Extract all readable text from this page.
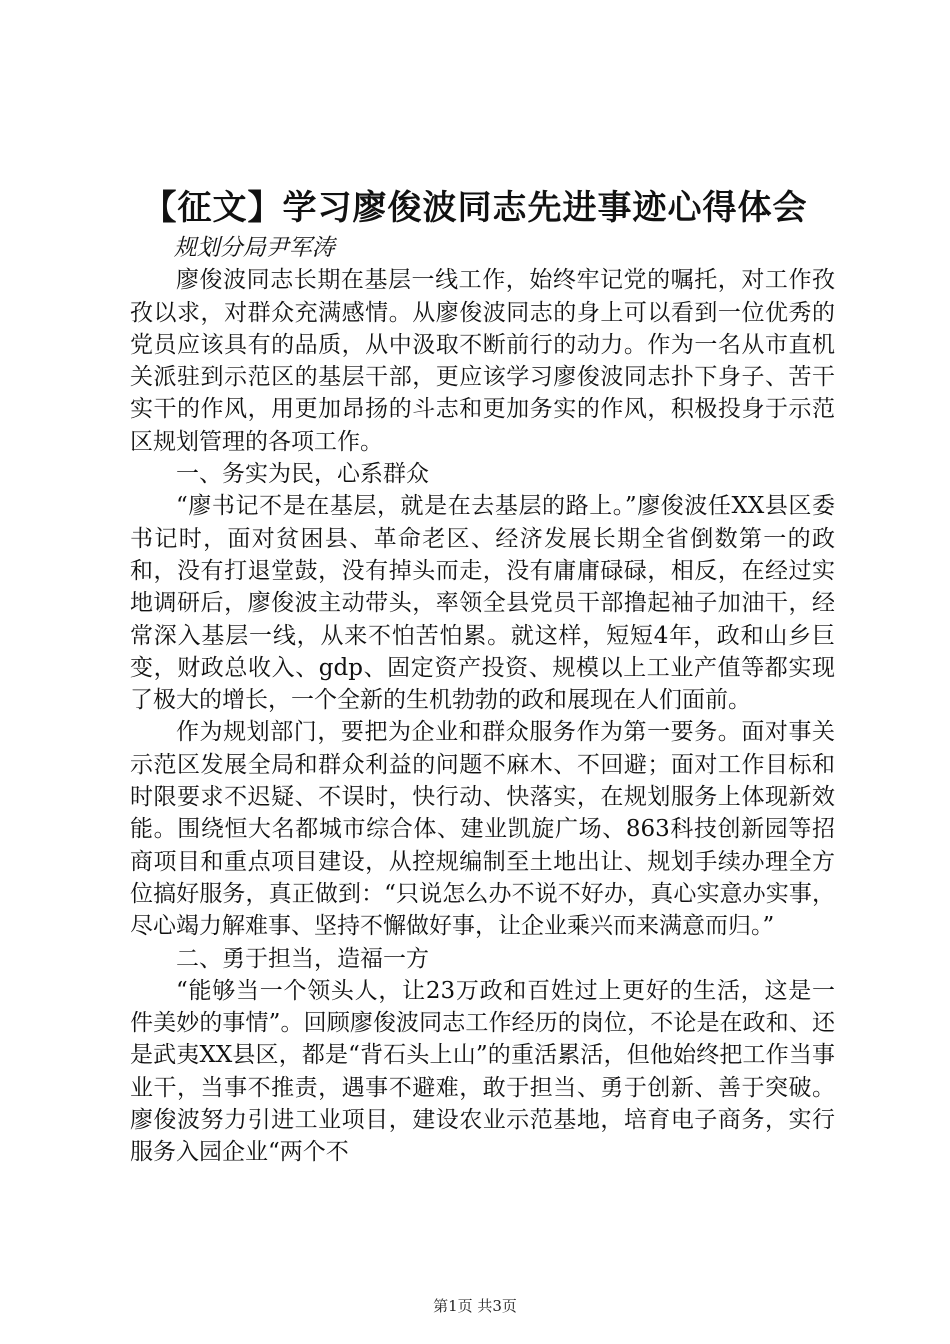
【征文】学习廖俊波同志先进事迹心得体会

规划分局尹军涛

廖俊波同志长期在基层一线工作，始终牢记党的嘱托，对工作孜孜以求，对群众充满感情。从廖俊波同志的身上可以看到一位优秀的党员应该具有的品质，从中汲取不断前行的动力。作为一名从市直机关派驻到示范区的基层干部，更应该学习廖俊波同志扑下身子、苦干实干的作风，用更加昂扬的斗志和更加务实的作风，积极投身于示范区规划管理的各项工作。

一、务实为民，心系群众

“廖书记不是在基层，就是在去基层的路上。”廖俊波任XX县区委书记时，面对贫困县、革命老区、经济发展长期全省倒数第一的政和，没有打退堂鼓，没有掉头而走，没有庸庸碌碌，相反，在经过实地调研后，廖俊波主动带头，率领全县党员干部撸起袖子加油干，经常深入基层一线，从来不怕苦怕累。就这样，短短4年，政和山乡巨变，财政总收入、gdp、固定资产投资、规模以上工业产值等都实现了极大的增长，一个全新的生机勃勃的政和展现在人们面前。

作为规划部门，要把为企业和群众服务作为第一要务。面对事关示范区发展全局和群众利益的问题不麻木、不回避；面对工作目标和时限要求不迟疑、不误时，快行动、快落实，在规划服务上体现新效能。围绕恒大名都城市综合体、建业凯旋广场、863科技创新园等招商项目和重点项目建设，从控规编制至土地出让、规划手续办理全方位搞好服务，真正做到：“只说怎么办不说不好办，真心实意办实事，尽心竭力解难事、坚持不懈做好事，让企业乘兴而来满意而归。”

二、勇于担当，造福一方

“能够当一个领头人，让23万政和百姓过上更好的生活，这是一件美妙的事情”。回顾廖俊波同志工作经历的岗位，不论是在政和、还是武夷XX县区，都是“背石头上山”的重活累活，但他始终把工作当事业干，当事不推责，遇事不避难，敢于担当、勇于创新、善于突破。廖俊波努力引进工业项目，建设农业示范基地，培育电子商务，实行服务入园企业“两个不

第1页 共3页
